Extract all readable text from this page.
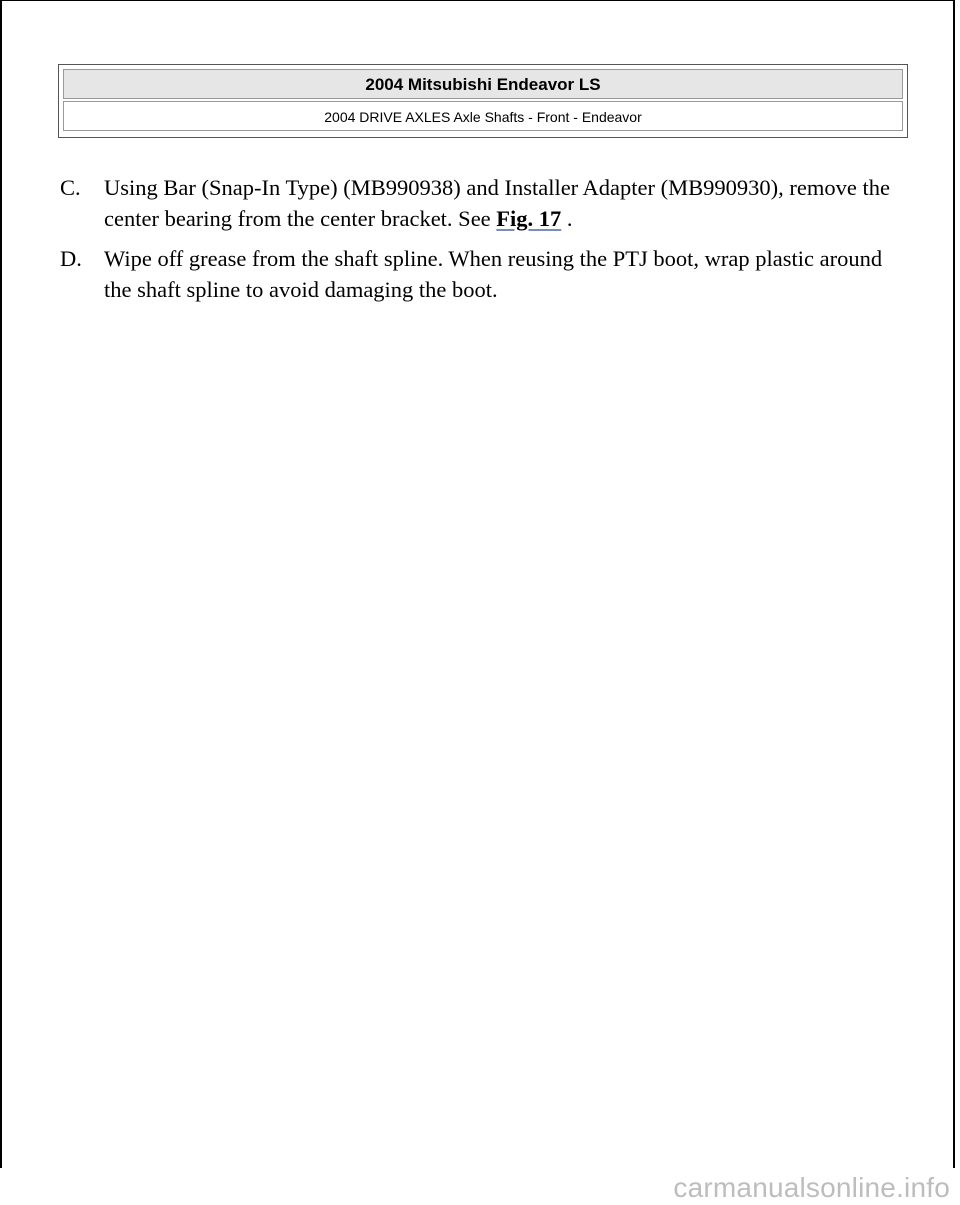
2004 Mitsubishi Endeavor LS
2004 DRIVE AXLES Axle Shafts - Front - Endeavor
C.	Using Bar (Snap-In Type) (MB990938) and Installer Adapter (MB990930), remove the center bearing from the center bracket. See Fig. 17 .
D. Wipe off grease from the shaft spline. When reusing the PTJ boot, wrap plastic around the shaft spline to avoid damaging the boot.
carmanualsonline.info
